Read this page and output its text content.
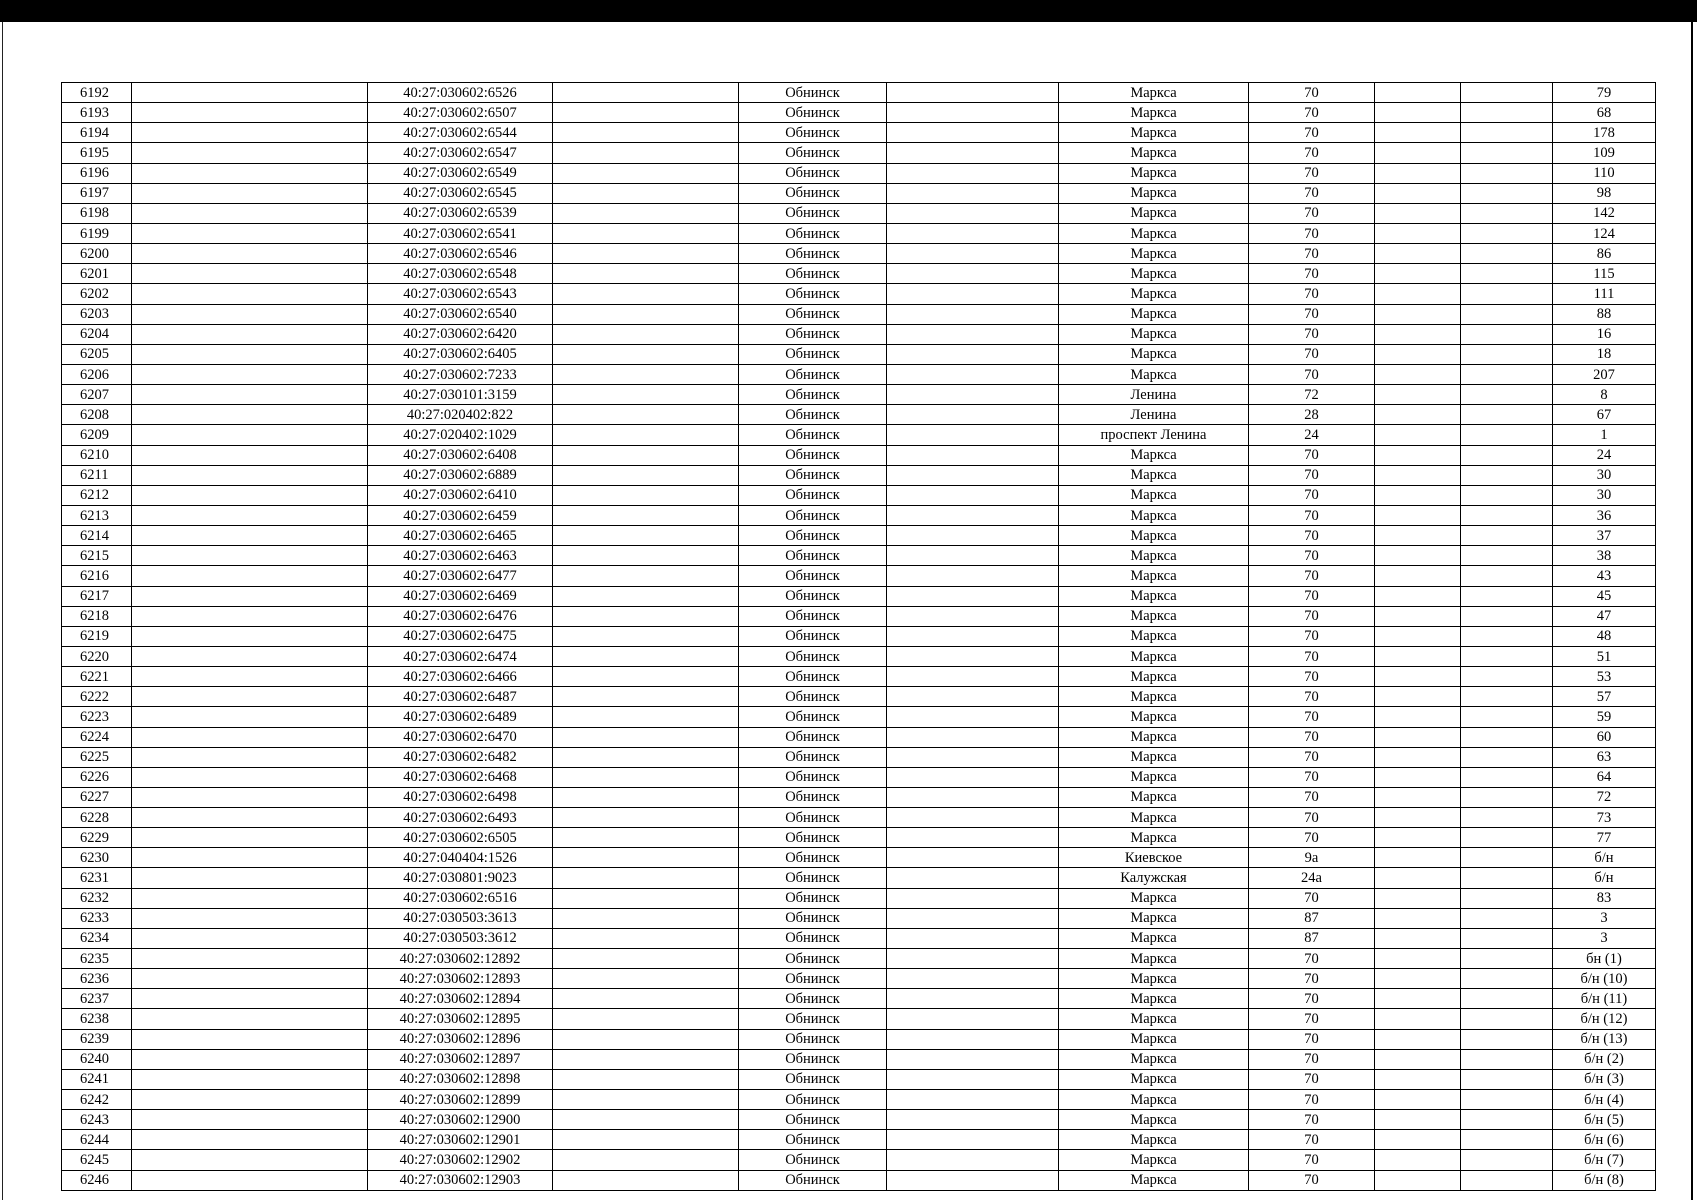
6192		40:27:030602:6526		Обнинск		Маркса	70			79
6193		40:27:030602:6507		Обнинск		Маркса	70			68
6194		40:27:030602:6544		Обнинск		Маркса	70			178
6195		40:27:030602:6547		Обнинск		Маркса	70			109
6196		40:27:030602:6549		Обнинск		Маркса	70			110
6197		40:27:030602:6545		Обнинск		Маркса	70			98
6198		40:27:030602:6539		Обнинск		Маркса	70			142
6199		40:27:030602:6541		Обнинск		Маркса	70			124
6200		40:27:030602:6546		Обнинск		Маркса	70			86
6201		40:27:030602:6548		Обнинск		Маркса	70			115
6202		40:27:030602:6543		Обнинск		Маркса	70			111
6203		40:27:030602:6540		Обнинск		Маркса	70			88
6204		40:27:030602:6420		Обнинск		Маркса	70			16
6205		40:27:030602:6405		Обнинск		Маркса	70			18
6206		40:27:030602:7233		Обнинск		Маркса	70			207
6207		40:27:030101:3159		Обнинск		Ленина	72			8
6208		40:27:020402:822		Обнинск		Ленина	28			67
6209		40:27:020402:1029		Обнинск		проспект Ленина	24			1
6210		40:27:030602:6408		Обнинск		Маркса	70			24
6211		40:27:030602:6889		Обнинск		Маркса	70			30
6212		40:27:030602:6410		Обнинск		Маркса	70			30
6213		40:27:030602:6459		Обнинск		Маркса	70			36
6214		40:27:030602:6465		Обнинск		Маркса	70			37
6215		40:27:030602:6463		Обнинск		Маркса	70			38
6216		40:27:030602:6477		Обнинск		Маркса	70			43
6217		40:27:030602:6469		Обнинск		Маркса	70			45
6218		40:27:030602:6476		Обнинск		Маркса	70			47
6219		40:27:030602:6475		Обнинск		Маркса	70			48
6220		40:27:030602:6474		Обнинск		Маркса	70			51
6221		40:27:030602:6466		Обнинск		Маркса	70			53
6222		40:27:030602:6487		Обнинск		Маркса	70			57
6223		40:27:030602:6489		Обнинск		Маркса	70			59
6224		40:27:030602:6470		Обнинск		Маркса	70			60
6225		40:27:030602:6482		Обнинск		Маркса	70			63
6226		40:27:030602:6468		Обнинск		Маркса	70			64
6227		40:27:030602:6498		Обнинск		Маркса	70			72
6228		40:27:030602:6493		Обнинск		Маркса	70			73
6229		40:27:030602:6505		Обнинск		Маркса	70			77
6230		40:27:040404:1526		Обнинск		Киевское	9а			б/н
6231		40:27:030801:9023		Обнинск		Калужская	24а			б/н
6232		40:27:030602:6516		Обнинск		Маркса	70			83
6233		40:27:030503:3613		Обнинск		Маркса	87			3
6234		40:27:030503:3612		Обнинск		Маркса	87			3
6235		40:27:030602:12892		Обнинск		Маркса	70			бн (1)
6236		40:27:030602:12893		Обнинск		Маркса	70			б/н (10)
6237		40:27:030602:12894		Обнинск		Маркса	70			б/н (11)
6238		40:27:030602:12895		Обнинск		Маркса	70			б/н (12)
6239		40:27:030602:12896		Обнинск		Маркса	70			б/н (13)
6240		40:27:030602:12897		Обнинск		Маркса	70			б/н (2)
6241		40:27:030602:12898		Обнинск		Маркса	70			б/н (3)
6242		40:27:030602:12899		Обнинск		Маркса	70			б/н (4)
6243		40:27:030602:12900		Обнинск		Маркса	70			б/н (5)
6244		40:27:030602:12901		Обнинск		Маркса	70			б/н (6)
6245		40:27:030602:12902		Обнинск		Маркса	70			б/н (7)
6246		40:27:030602:12903		Обнинск		Маркса	70			б/н (8)
